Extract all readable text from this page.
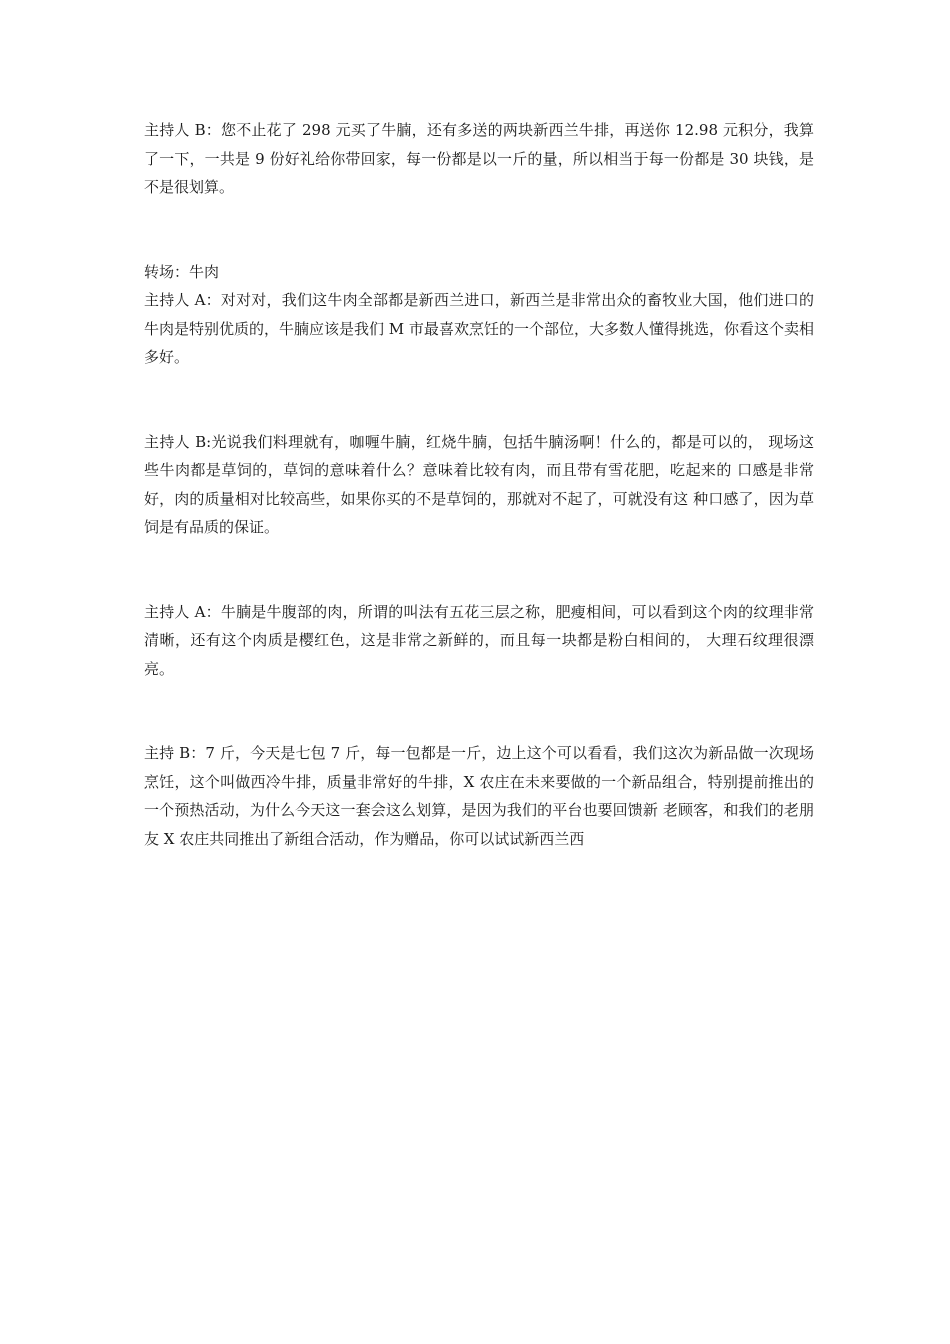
主持人 B：您不止花了 298 元买了牛腩，还有多送的两块新西兰牛排，再送你 12.98 元积分，我算了一下，一共是 9 份好礼给你带回家，每一份都是以一斤的量，所以相当于每一份都是 30 块钱，是不是很划算。

转场：牛肉

主持人 A：对对对，我们这牛肉全部都是新西兰进口，新西兰是非常出众的畜牧业大国，他们进口的牛肉是特别优质的，牛腩应该是我们 M 市最喜欢烹饪的一个部位，大多数人懂得挑选，你看这个卖相多好。

主持人 B:光说我们料理就有，咖喱牛腩，红烧牛腩，包括牛腩汤啊！什么的，都是可以的， 现场这些牛肉都是草饲的，草饲的意味着什么？意味着比较有肉，而且带有雪花肥，吃起来的 口感是非常好，肉的质量相对比较高些，如果你买的不是草饲的，那就对不起了，可就没有这 种口感了，因为草饲是有品质的保证。

主持人 A：牛腩是牛腹部的肉，所谓的叫法有五花三层之称，肥瘦相间，可以看到这个肉的纹理非常清晰，还有这个肉质是樱红色，这是非常之新鲜的，而且每一块都是粉白相间的， 大理石纹理很漂亮。

主持 B：7 斤，今天是七包 7 斤，每一包都是一斤，边上这个可以看看，我们这次为新品做一次现场烹饪，这个叫做西冷牛排，质量非常好的牛排，X 农庄在未来要做的一个新品组合，特别提前推出的一个预热活动，为什么今天这一套会这么划算，是因为我们的平台也要回馈新 老顾客，和我们的老朋友 X 农庄共同推出了新组合活动，作为赠品，你可以试试新西兰西
